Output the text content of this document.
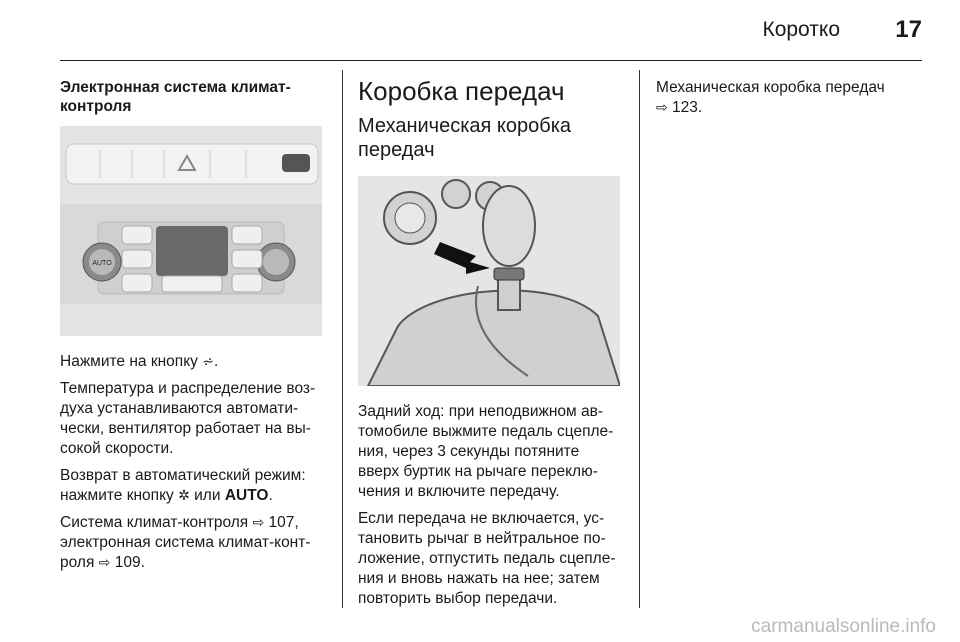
Коротко 17
Электронная система климат-контроля
AUTO

Нажмите на кнопку ⩫.

Температура и распределение воз-духа устанавливаются автомати-чески, вентилятор работает на вы-сокой скорости.

Возврат в автоматический режим: нажмите кнопку ✲ или AUTO.

Система климат-контроля ⇨ 107,
электронная система климат-конт-роля ⇨ 109.

Коробка передач
Механическая коробка передач

Задний ход: при неподвижном ав-томобиле выжмите педаль сцепле-ния, через 3 секунды потяните вверх буртик на рычаге переклю-чения и включите передачу.

Если передача не включается, ус-тановить рычаг в нейтральное по-ложение, отпустить педаль сцепле-ния и вновь нажать на нее; затем повторить выбор передачи.

Механическая коробка передач
⇨ 123.

carmanualsonline.info
